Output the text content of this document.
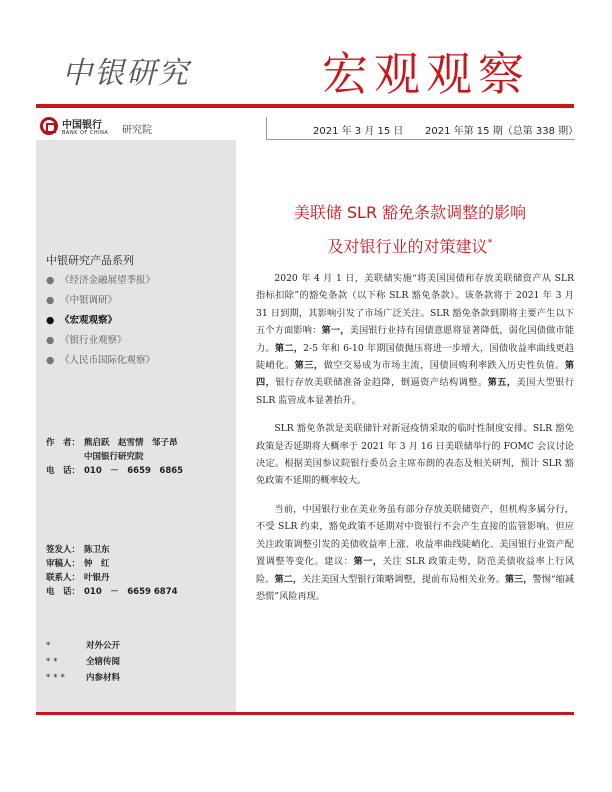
中银研究	宏观观察
中国银行
BANK OF CHINA 研究院	2021 年 3 月 15 日 2021 年第 15 期（总第 338 期）
中银研究产品系列
● 《经济金融展望季报》
● 《中银调研》
● 《宏观观察》
● 《银行业观察》
● 《人民币国际化观察》
作　者： 熊启跃　赵雪情　邹子昂
中国银行研究院
电　话： 010　－　6659　6865
签发人： 陈卫东
审稿人： 钟　红
联系人： 叶银丹
电　话： 010　－　6659 6874
*	对外公开
**	全辖传阅
*** 内参材料
美联储 SLR 豁免条款调整的影响
及对银行业的对策建议*

2020 年 4 月 1 日，美联储实施“将美国国债和存放美联储资产从 SLR 指标扣除”的豁免条款（以下称 SLR 豁免条款）。该条款将于 2021 年 3 月 31 日到期，其影响引发了市场广泛关注。SLR 豁免条款到期将主要产生以下五个方面影响：第一，美国银行业持有国债意愿将显著降低，弱化国债做市能力。第二，2-5 年和 6-10 年期国债抛压将进一步增大，国债收益率曲线更趋陡峭化。第三，做空交易成为市场主流，国债回购利率跌入历史性负值。第四，银行存放美联储准备金趋降，倒逼资产结构调整。第五，美国大型银行 SLR 监管成本显著抬升。

SLR 豁免条款是美联储针对新冠疫情采取的临时性制度安排。SLR 豁免政策是否延期将大概率于 2021 年 3 月 16 日美联储举行的 FOMC 会议讨论决定。根据美国参议院银行委员会主席布朗的表态及相关研判，预计 SLR 豁免政策不延期的概率较大。

当前，中国银行业在美业务虽有部分存放美联储资产，但机构多属分行，不受 SLR 约束，豁免政策不延期对中资银行不会产生直接的监管影响。但应关注政策调整引发的美债收益率上涨、收益率曲线陡峭化、美国银行业资产配置调整等变化。建议：第一，关注 SLR 政策走势，防范美债收益率上行风险。第二，关注美国大型银行策略调整，提前布局相关业务。第三，警惕“缩减恐慌”风险再现。
